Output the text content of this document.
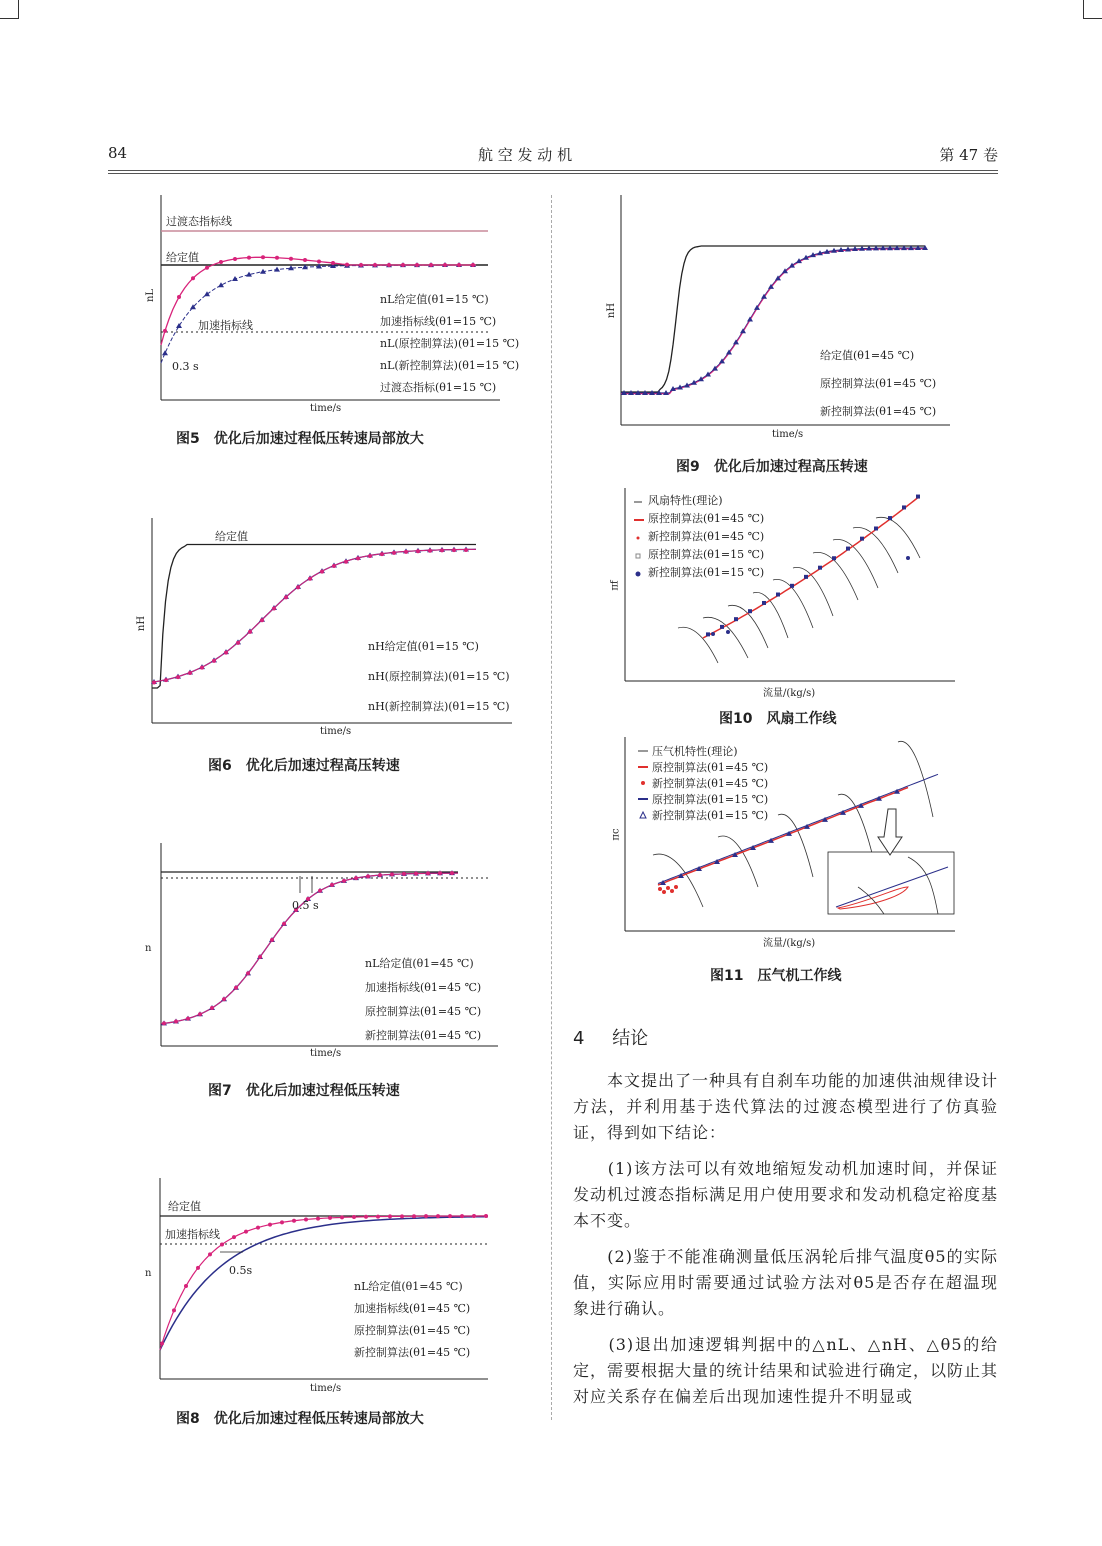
84	航 空 发 动 机	第 47 卷
过渡态指标线
给定值
加速指标线
0.3 s
nL
time/s
nL给定值(θ1=15 ℃)
加速指标线(θ1=15 ℃)
nL(原控制算法)(θ1=15 ℃)
nL(新控制算法)(θ1=15 ℃)
过渡态指标(θ1=15 ℃)
图5　优化后加速过程低压转速局部放大
给定值
nH
time/s
nH给定值(θ1=15 ℃)
nH(原控制算法)(θ1=15 ℃)
nH(新控制算法)(θ1=15 ℃)
图6　优化后加速过程高压转速
0.5 s
n
time/s
nL给定值(θ1=45 ℃)
加速指标线(θ1=45 ℃)
原控制算法(θ1=45 ℃)
新控制算法(θ1=45 ℃)
图7　优化后加速过程低压转速
给定值
加速指标线
0.5s
n
time/s
nL给定值(θ1=45 ℃)
加速指标线(θ1=45 ℃)
原控制算法(θ1=45 ℃)
新控制算法(θ1=45 ℃)
图8　优化后加速过程低压转速局部放大
nH
time/s
给定值(θ1=45 ℃)
原控制算法(θ1=45 ℃)
新控制算法(θ1=45 ℃)
图9　优化后加速过程高压转速
πf
流量/(kg/s)
风扇特性(理论)
原控制算法(θ1=45 ℃)
新控制算法(θ1=45 ℃)
原控制算法(θ1=15 ℃)
新控制算法(θ1=15 ℃)
图10　风扇工作线
πc
流量/(kg/s)
压气机特性(理论)
原控制算法(θ1=45 ℃)
新控制算法(θ1=45 ℃)
原控制算法(θ1=15 ℃)
新控制算法(θ1=15 ℃)
图11　压气机工作线
4 结论
　　本文提出了一种具有自刹车功能的加速供油规律设计方法，并利用基于迭代算法的过渡态模型进行了仿真验证，得到如下结论：
　　(1)该方法可以有效地缩短发动机加速时间，并保证发动机过渡态指标满足用户使用要求和发动机稳定裕度基本不变。
　　(2)鉴于不能准确测量低压涡轮后排气温度θ5的实际值，实际应用时需要通过试验方法对θ5是否存在超温现象进行确认。
　　(3)退出加速逻辑判据中的△nL、△nH、△θ5的给定，需要根据大量的统计结果和试验进行确定，以防止其对应关系存在偏差后出现加速性提升不明显或
